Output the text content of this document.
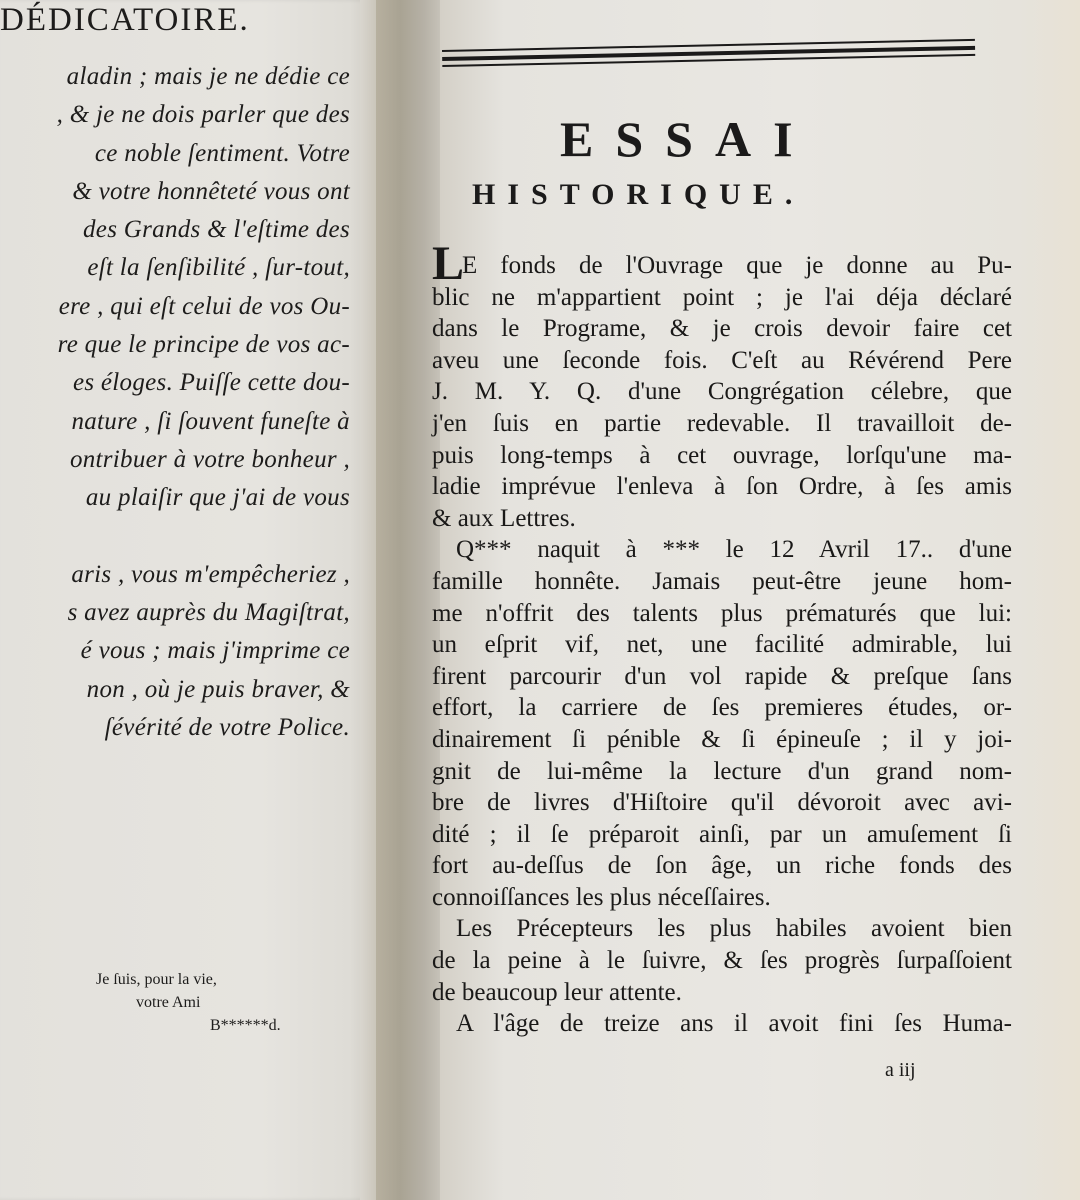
DÉDICATOIRE.
aladin ; mais je ne dédie ce
, & je ne dois parler que des
ce noble ſentiment. Votre
& votre honnêteté vous ont
des Grands & l'eſtime des
eſt la ſenſibilité , ſur-tout,
ere , qui eſt celui de vos Ou-
re que le principe de vos ac-
es éloges. Puiſſe cette dou-
nature , ſi ſouvent funeſte à
ontribuer à votre bonheur ,
au plaiſir que j'ai de vous
aris , vous m'empêcheriez ,
s avez auprès du Magiſtrat,
é vous ; mais j'imprime ce
non , où je puis braver, &
ſévérité de votre Police.
Je ſuis, pour la vie,
votre Ami
B******d.
ESSAI
HISTORIQUE.
LE fonds de l'Ouvrage que je donne au Pu-
blic ne m'appartient point ; je l'ai déja déclaré
dans le Programe, & je crois devoir faire cet
aveu une ſeconde fois. C'eſt au Révérend Pere
J. M. Y. Q. d'une Congrégation célebre, que
j'en ſuis en partie redevable. Il travailloit de-
puis long-temps à cet ouvrage, lorſqu'une ma-
ladie imprévue l'enleva à ſon Ordre, à ſes amis
& aux Lettres.
Q*** naquit à *** le 12 Avril 17.. d'une
famille honnête. Jamais peut-être jeune hom-
me n'offrit des talents plus prématurés que lui:
un eſprit vif, net, une facilité admirable, lui
firent parcourir d'un vol rapide & preſque ſans
effort, la carriere de ſes premieres études, or-
dinairement ſi pénible & ſi épineuſe ; il y joi-
gnit de lui-même la lecture d'un grand nom-
bre de livres d'Hiſtoire qu'il dévoroit avec avi-
dité ; il ſe préparoit ainſi, par un amuſement ſi
fort au-deſſus de ſon âge, un riche fonds des
connoiſſances les plus néceſſaires.
Les Précepteurs les plus habiles avoient bien
de la peine à le ſuivre, & ſes progrès ſurpaſſoient
de beaucoup leur attente.
A l'âge de treize ans il avoit fini ſes Huma-
a iij
